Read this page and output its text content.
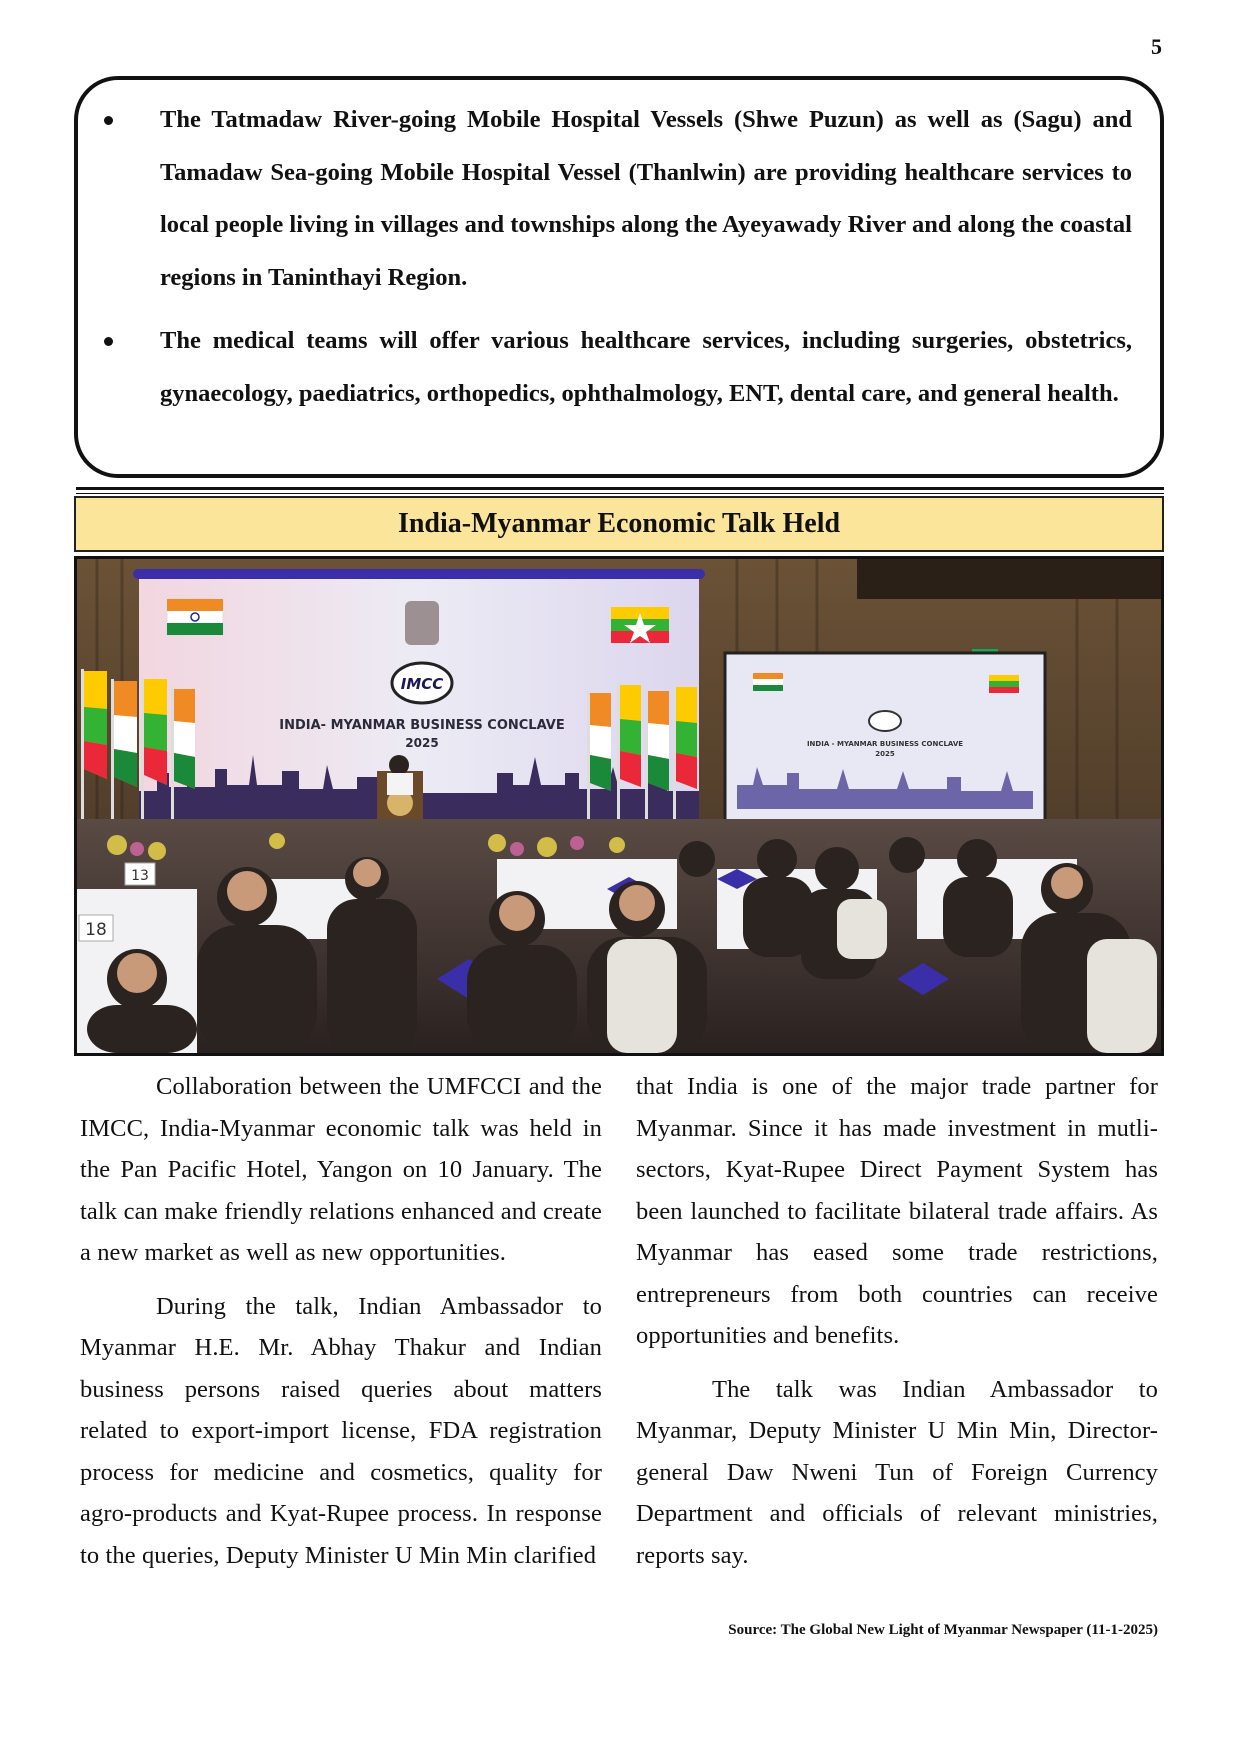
5
The Tatmadaw River-going Mobile Hospital Vessels (Shwe Puzun) as well as (Sagu) and Tamadaw Sea-going Mobile Hospital Vessel (Thanlwin) are providing healthcare services to local people living in villages and townships along the Ayeyawady River and along the coastal regions in Taninthayi Region.
The medical teams will offer various healthcare services, including surgeries, obstetrics, gynaecology, paediatrics, orthopedics, ophthalmology, ENT, dental care, and general health.
India-Myanmar Economic Talk Held
IMCC
INDIA- MYANMAR BUSINESS CONCLAVE
2025	INDIA - MYANMAR BUSINESS CONCLAVE
2025
13
18

Collaboration between the UMFCCI and the IMCC, India-Myanmar economic talk was held in the Pan Pacific Hotel, Yangon on 10 January. The talk can make friendly relations enhanced and create a new market as well as new opportunities.

During the talk, Indian Ambassador to Myanmar H.E. Mr. Abhay Thakur and Indian business persons raised queries about matters related to export-import license, FDA registration process for medicine and cosmetics, quality for agro-products and Kyat-Rupee process. In response to the queries, Deputy Minister U Min Min clarified

that India is one of the major trade partner for Myanmar. Since it has made investment in mutli-sectors, Kyat-Rupee Direct Payment System has been launched to facilitate bilateral trade affairs. As Myanmar has eased some trade restrictions, entrepreneurs from both countries can receive opportunities and benefits.

The talk was Indian Ambassador to Myanmar, Deputy Minister U Min Min, Director-general Daw Nweni Tun of Foreign Currency Department and officials of relevant ministries, reports say.

Source: The Global New Light of Myanmar Newspaper (11-1-2025)
